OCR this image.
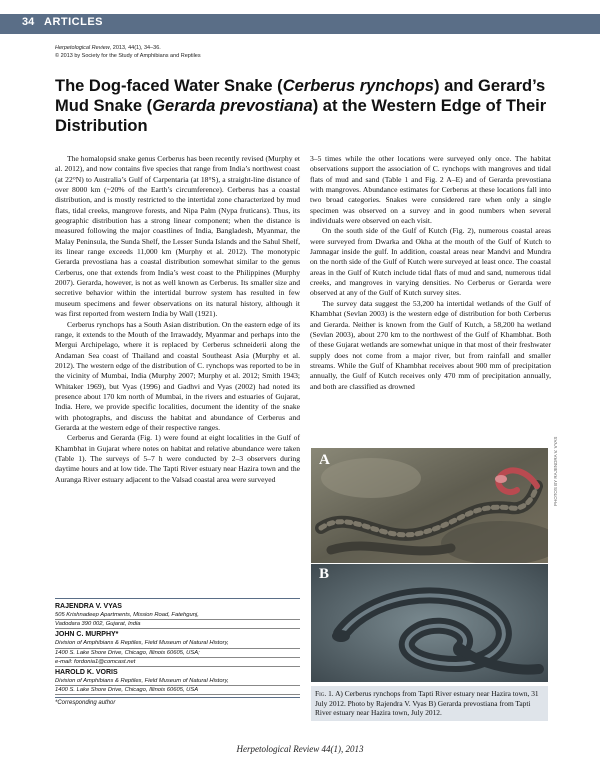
34 ARTICLES
Herpetological Review, 2013, 44(1), 34–36.
© 2013 by Society for the Study of Amphibians and Reptiles
The Dog-faced Water Snake (Cerberus rynchops) and Gerard’s Mud Snake (Gerarda prevostiana) at the Western Edge of Their Distribution

The homalopsid snake genus Cerberus has been recently revised (Murphy et al. 2012), and now contains five species that range from India’s northwest coast (at 22°N) to Australia’s Gulf of Carpentaria (at 18°S), a straight-line distance of over 8000 km (~20% of the Earth’s circumference). Cerberus has a coastal distribution, and is mostly restricted to the intertidal zone characterized by mud flats, tidal creeks, mangrove forests, and Nipa Palm (Nypa fruticans). Thus, its geographic distribution has a strong linear component; when the distance is measured following the major coastlines of India, Bangladesh, Myanmar, the Malay Peninsula, the Sunda Shelf, the Lesser Sunda Islands and the Sahul Shelf, its linear range exceeds 11,000 km (Murphy et al. 2012). The monotypic Gerarda prevostiana has a coastal distribution somewhat similar to the genus Cerberus, one that extends from India’s west coast to the Philippines (Murphy 2007). Gerarda, however, is not as well known as Cerberus. Its smaller size and secretive behavior within the intertidal burrow system has resulted in few museum specimens and fewer observations on its natural history, although it was first reported from western India by Wall (1921).

Cerberus rynchops has a South Asian distribution. On the eastern edge of its range, it extends to the Mouth of the Irrawaddy, Myanmar and perhaps into the Mergui Archipelago, where it is replaced by Cerberus schneiderii along the Andaman Sea coast of Thailand and coastal Southeast Asia (Murphy et al. 2012). The western edge of the distribution of C. rynchops was reported to be in the vicinity of Mumbai, India (Murphy 2007; Murphy et al. 2012; Smith 1943; Whitaker 1969), but Vyas (1996) and Gadhvi and Vyas (2002) had noted its presence about 170 km north of Mumbai, in the rivers and estuaries of Gujarat, India. Here, we provide specific localities, document the identity of the snake with photographs, and discuss the habitat and abundance of Cerberus and Gerarda at the western edge of their respective ranges.

Cerberus and Gerarda (Fig. 1) were found at eight localities in the Gulf of Khambhat in Gujarat where notes on habitat and relative abundance were taken (Table 1). The surveys of 5–7 h were conducted by 2–3 observers during daytime hours and at low tide. The Tapti River estuary near Hazira town and the Auranga River estuary adjacent to the Valsad coastal area were surveyed

3–5 times while the other locations were surveyed only once. The habitat observations support the association of C. rynchops with mangroves and tidal flats of mud and sand (Table 1 and Fig. 2 A–E) and of Gerarda prevostiana with mangroves. Abundance estimates for Cerberus at these locations fall into two broad categories. Snakes were considered rare when only a single specimen was observed on a survey and in good numbers when several individuals were observed on each visit.

On the south side of the Gulf of Kutch (Fig. 2), numerous coastal areas were surveyed from Dwarka and Okha at the mouth of the Gulf of Kutch to Jamnagar inside the gulf. In addition, coastal areas near Mandvi and Mundra on the north side of the Gulf of Kutch were surveyed at least once. The coastal areas in the Gulf of Kutch include tidal flats of mud and sand, numerous tidal creeks, and mangroves in varying densities. No Cerberus or Gerarda were observed at any of the Gulf of Kutch survey sites.

The survey data suggest the 53,200 ha intertidal wetlands of the Gulf of Khambhat (Sevlan 2003) is the western edge of distribution for both Cerberus and Gerarda. Neither is known from the Gulf of Kutch, a 58,200 ha wetland (Sevlan 2003), about 270 km to the northwest of the Gulf of Khambhat. Both of these Gujarat wetlands are somewhat unique in that most of their freshwater supply does not come from a major river, but from rainfall and smaller streams. While the Gulf of Khambhat receives about 900 mm of precipitation annually, the Gulf of Kutch receives only 470 mm of precipitation annually, and both are classified as drowned

RAJENDRA V. VYAS
505 Krishnadeep Apartments, Mission Road, Fatehgunj,
Vadodara 390 002, Gujarat, India
JOHN C. MURPHY*
Division of Amphibians & Reptiles, Field Museum of Natural History,
1400 S. Lake Shore Drive, Chicago, Illinois 60605, USA;
e-mail: fordonia1@comcast.net
HAROLD K. VORIS
Division of Amphibians & Reptiles, Field Museum of Natural History,
1400 S. Lake Shore Drive, Chicago, Illinois 60605, USA
*Corresponding author
A
B
PHOTOS BY RAJENDRA V. VYAS
Fig. 1. A) Cerberus rynchops from Tapti River estuary near Hazira town, 31 July 2012. Photo by Rajendra V. Vyas B) Gerarda prevostiana from Tapti River estuary near Hazira town, July 2012.
Herpetological Review 44(1), 2013
